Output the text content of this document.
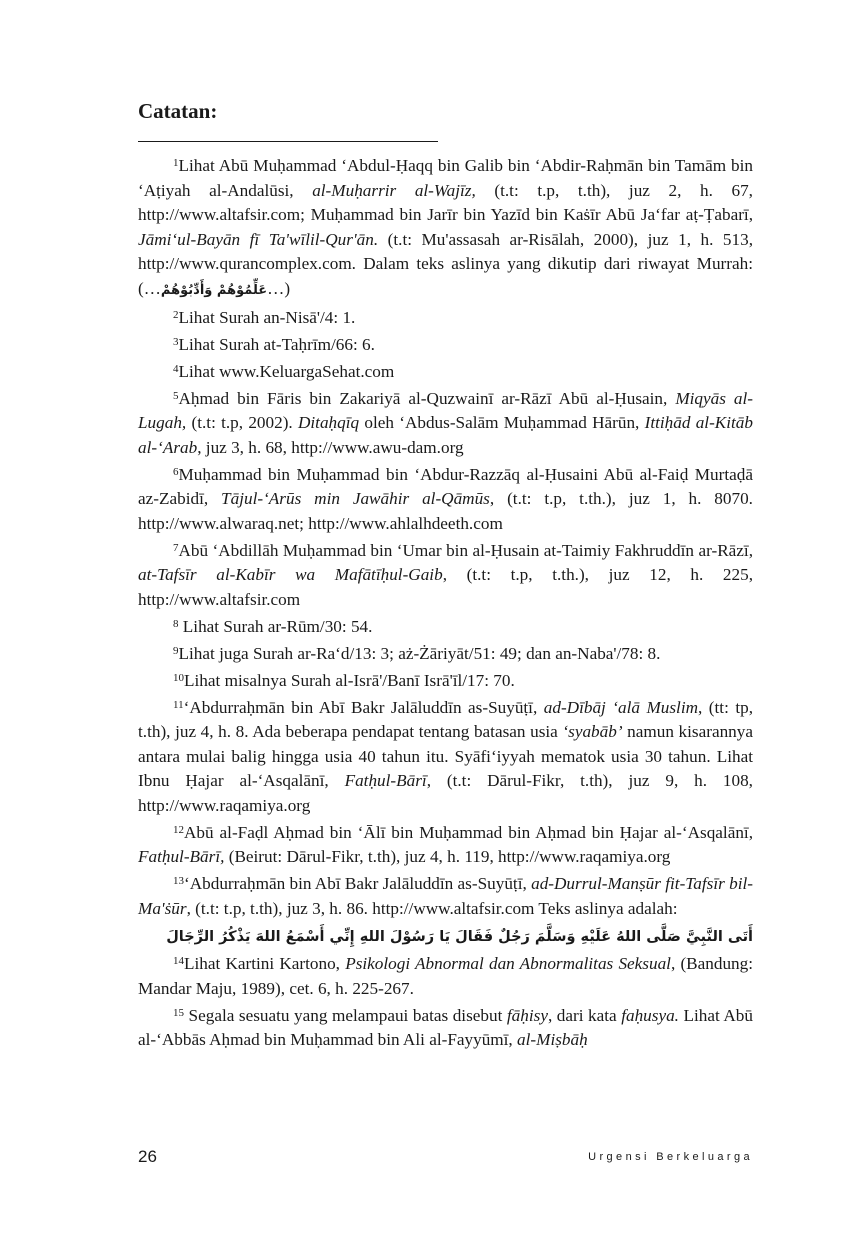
Catatan:

$^1$Lihat Abū Muḥammad ‘Abdul-Ḥaqq bin Galib bin ‘Abdir-Raḥmān bin Tamām bin ‘Aṭiyah al-Andalūsi, al-Muḥarrir al-Wajīz, (t.t: t.p, t.th), juz 2, h. 67, http://www.altafsir.com; Muḥammad bin Jarīr bin Yazīd bin Kaṡīr Abū Ja‘far aṭ-Ṭabarī, Jāmi‘ul-Bayān fī Ta'wīlil-Qur'ān. (t.t: Mu'assasah ar-Risālah, 2000), juz 1, h. 513, http://www.qurancomplex.com. Dalam teks aslinya yang dikutip dari riwayat Murrah: (…عَلِّمُوْهُمْ وَأَدِّبُوْهُمْ…)

$^2$Lihat Surah an-Nisā'/4: 1.

$^3$Lihat Surah at-Taḥrīm/66: 6.

$^4$Lihat www.KeluargaSehat.com

$^5$Aḥmad bin Fāris bin Zakariyā al-Quzwainī ar-Rāzī Abū al-Ḥusain, Miqyās al-Lugah, (t.t: t.p, 2002). Ditaḥqīq oleh ‘Abdus-Salām Muḥammad Hārūn, Ittiḥād al-Kitāb al-‘Arab, juz 3, h. 68, http://www.awu-dam.org

$^6$Muḥammad bin Muḥammad bin ‘Abdur-Razzāq al-Ḥusaini Abū al-Faiḍ Murtaḍā az-Zabidī, Tājul-‘Arūs min Jawāhir al-Qāmūs, (t.t: t.p, t.th.), juz 1, h. 8070. http://www.alwaraq.net; http://www.ahlalhdeeth.com

$^7$Abū ‘Abdillāh Muḥammad bin ‘Umar bin al-Ḥusain at-Taimiy Fakhruddīn ar-Rāzī, at-Tafsīr al-Kabīr wa Mafātīḥul-Gaib, (t.t: t.p, t.th.), juz 12, h. 225, http://www.altafsir.com

$^8$ Lihat Surah ar-Rūm/30: 54.

$^9$Lihat juga Surah ar-Ra‘d/13: 3; aż-Żāriyāt/51: 49; dan an-Naba'/78: 8.

$^{10}$Lihat misalnya Surah al-Isrā'/Banī Isrā'īl/17: 70.

$^{11}$‘Abdurraḥmān bin Abī Bakr Jalāluddīn as-Suyūṭī, ad-Dībāj ‘alā Muslim, (tt: tp, t.th), juz 4, h. 8. Ada beberapa pendapat tentang batasan usia ‘syabāb’ namun kisarannya antara mulai balig hingga usia 40 tahun itu. Syāfi‘iyyah mematok usia 30 tahun. Lihat Ibnu Ḥajar al-‘Asqalānī, Fatḥul-Bārī, (t.t: Dārul-Fikr, t.th), juz 9, h. 108, http://www.raqamiya.org

$^{12}$Abū al-Faḍl Aḥmad bin ‘Ālī bin Muḥammad bin Aḥmad bin Ḥajar al-‘Asqalānī, Fatḥul-Bārī, (Beirut: Dārul-Fikr, t.th), juz 4, h. 119, http://www.raqamiya.org

$^{13}$‘Abdurraḥmān bin Abī Bakr Jalāluddīn as-Suyūṭī, ad-Durrul-Manṣūr fit-Tafsīr bil-Ma'ṡūr, (t.t: t.p, t.th), juz 3, h. 86. http://www.altafsir.com Teks aslinya adalah:

أَتَى النَّبِيَّ صَلَّى اللهُ عَلَيْهِ وَسَلَّمَ رَجُلٌ فَقَالَ يَا رَسُوْلَ اللهِ إِنِّي أَسْمَعُ اللهَ يَذْكُرُ الرِّجَالَ

$^{14}$Lihat Kartini Kartono, Psikologi Abnormal dan Abnormalitas Seksual, (Bandung: Mandar Maju, 1989), cet. 6, h. 225-267.

$^{15}$ Segala sesuatu yang melampaui batas disebut fāḥisy, dari kata faḥusya. Lihat Abū al-‘Abbās Aḥmad bin Muḥammad bin Ali al-Fayyūmī, al-Miṣbāḥ

26	Urgensi Berkeluarga
